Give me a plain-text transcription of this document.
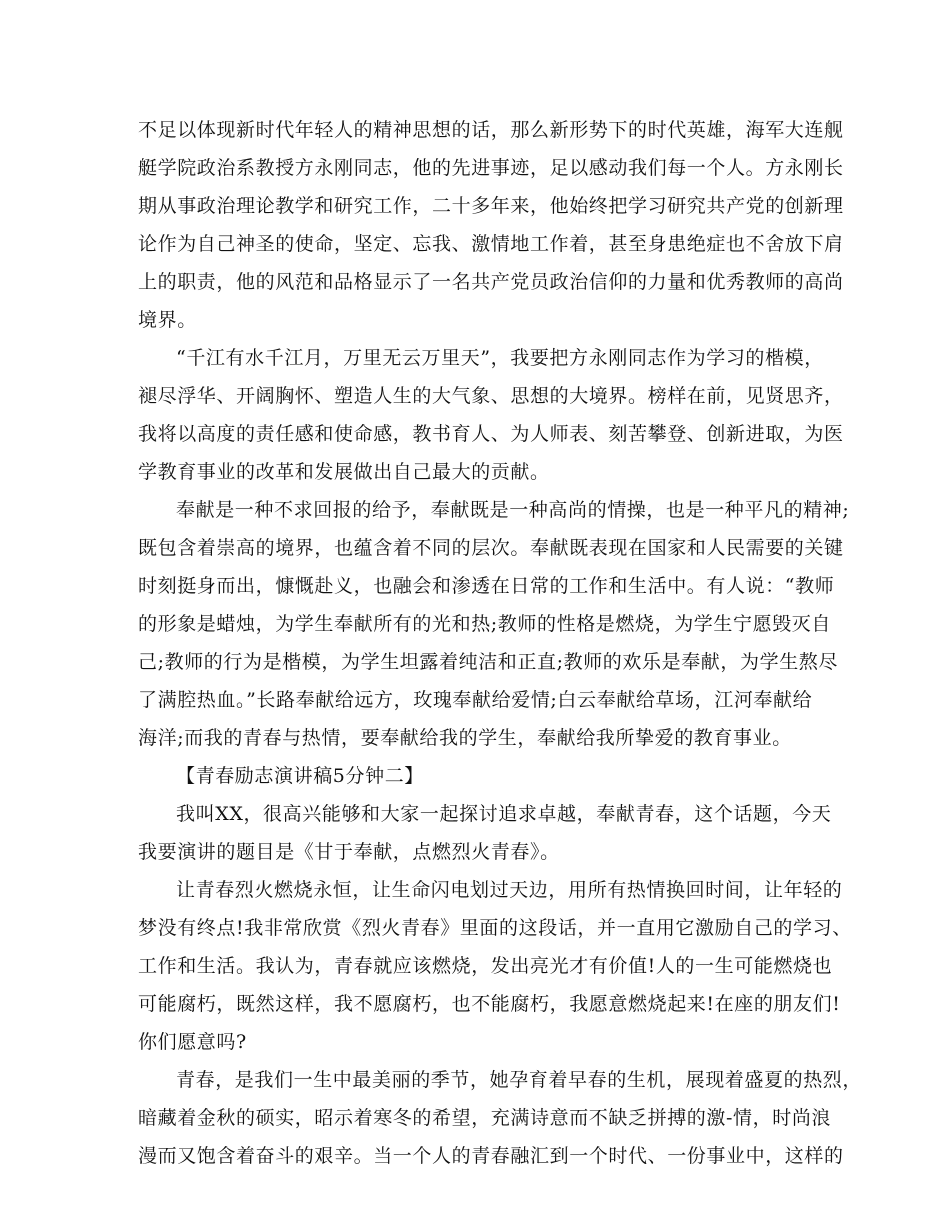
不足以体现新时代年轻人的精神思想的话，那么新形势下的时代英雄，海军大连舰
艇学院政治系教授方永刚同志，他的先进事迹，足以感动我们每一个人。方永刚长
期从事政治理论教学和研究工作，二十多年来，他始终把学习研究共产党的创新理
论作为自己神圣的使命，坚定、忘我、激情地工作着，甚至身患绝症也不舍放下肩
上的职责，他的风范和品格显示了一名共产党员政治信仰的力量和优秀教师的高尚
境界。
“千江有水千江月，万里无云万里天”，我要把方永刚同志作为学习的楷模，
褪尽浮华、开阔胸怀、塑造人生的大气象、思想的大境界。榜样在前，见贤思齐，
我将以高度的责任感和使命感，教书育人、为人师表、刻苦攀登、创新进取，为医
学教育事业的改革和发展做出自己最大的贡献。
奉献是一种不求回报的给予，奉献既是一种高尚的情操，也是一种平凡的精神;
既包含着崇高的境界，也蕴含着不同的层次。奉献既表现在国家和人民需要的关键
时刻挺身而出，慷慨赴义，也融会和渗透在日常的工作和生活中。有人说：“教师
的形象是蜡烛，为学生奉献所有的光和热;教师的性格是燃烧，为学生宁愿毁灭自
己;教师的行为是楷模，为学生坦露着纯洁和正直;教师的欢乐是奉献，为学生熬尽
了满腔热血。”长路奉献给远方，玫瑰奉献给爱情;白云奉献给草场，江河奉献给
海洋;而我的青春与热情，要奉献给我的学生，奉献给我所挚爱的教育事业。
【青春励志演讲稿5分钟二】
我叫XX，很高兴能够和大家一起探讨追求卓越，奉献青春，这个话题，今天
我要演讲的题目是《甘于奉献，点燃烈火青春》。
让青春烈火燃烧永恒，让生命闪电划过天边，用所有热情换回时间，让年轻的
梦没有终点!我非常欣赏《烈火青春》里面的这段话，并一直用它激励自己的学习、
工作和生活。我认为，青春就应该燃烧，发出亮光才有价值!人的一生可能燃烧也
可能腐朽，既然这样，我不愿腐朽，也不能腐朽，我愿意燃烧起来!在座的朋友们!
你们愿意吗?
青春，是我们一生中最美丽的季节，她孕育着早春的生机，展现着盛夏的热烈，
暗藏着金秋的硕实，昭示着寒冬的希望，充满诗意而不缺乏拼搏的激-情，时尚浪
漫而又饱含着奋斗的艰辛。当一个人的青春融汇到一个时代、一份事业中，这样的
